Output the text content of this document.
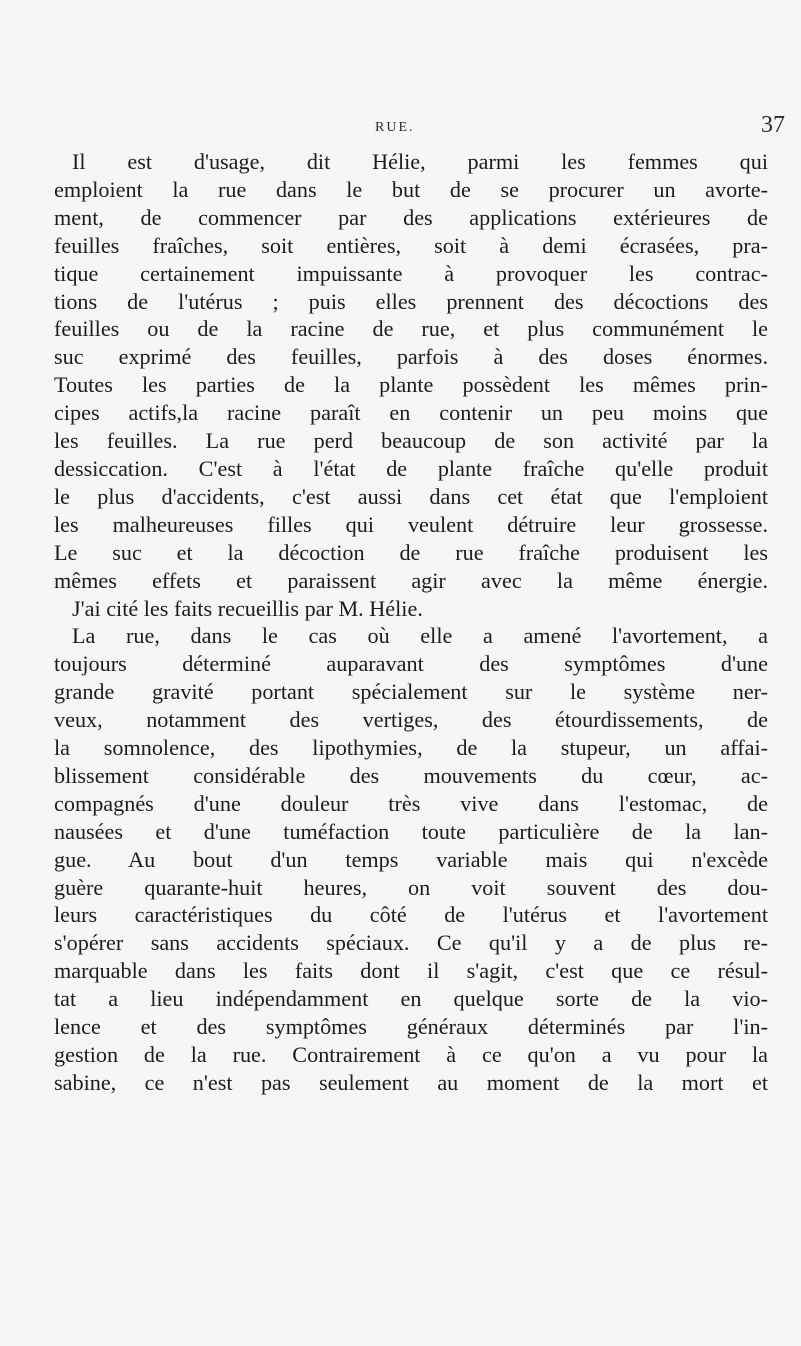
RUE.	37
Il est d'usage, dit Hélie, parmi les femmes qui
emploient la rue dans le but de se procurer un avorte-
ment, de commencer par des applications extérieures de
feuilles fraîches, soit entières, soit à demi écrasées, pra-
tique certainement impuissante à provoquer les contrac-
tions de l'utérus ; puis elles prennent des décoctions des
feuilles ou de la racine de rue, et plus communément le
suc exprimé des feuilles, parfois à des doses énormes.
Toutes les parties de la plante possèdent les mêmes prin-
cipes actifs,la racine paraît en contenir un peu moins que
les feuilles. La rue perd beaucoup de son activité par la
dessiccation. C'est à l'état de plante fraîche qu'elle produit
le plus d'accidents, c'est aussi dans cet état que l'emploient
les malheureuses filles qui veulent détruire leur grossesse.
Le suc et la décoction de rue fraîche produisent les
mêmes effets et paraissent agir avec la même énergie.
J'ai cité les faits recueillis par M. Hélie.
La rue, dans le cas où elle a amené l'avortement, a
toujours déterminé auparavant des symptômes d'une
grande gravité portant spécialement sur le système ner-
veux, notamment des vertiges, des étourdissements, de
la somnolence, des lipothymies, de la stupeur, un affai-
blissement considérable des mouvements du cœur, ac-
compagnés d'une douleur très vive dans l'estomac, de
nausées et d'une tuméfaction toute particulière de la lan-
gue. Au bout d'un temps variable mais qui n'excède
guère quarante-huit heures, on voit souvent des dou-
leurs caractéristiques du côté de l'utérus et l'avortement
s'opérer sans accidents spéciaux. Ce qu'il y a de plus re-
marquable dans les faits dont il s'agit, c'est que ce résul-
tat a lieu indépendamment en quelque sorte de la vio-
lence et des symptômes généraux déterminés par l'in-
gestion de la rue. Contrairement à ce qu'on a vu pour la
sabine, ce n'est pas seulement au moment de la mort et
